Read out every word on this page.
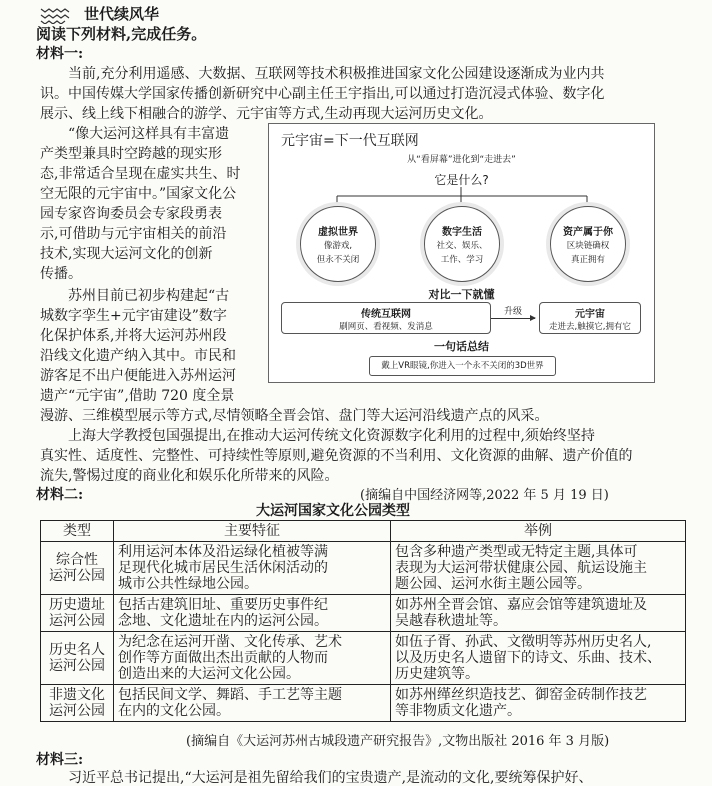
世代续风华
阅读下列材料,完成任务。
材料一:
当前,充分利用遥感、大数据、互联网等技术积极推进国家文化公园建设逐渐成为业内共
识。中国传媒大学国家传播创新研究中心副主任王宇指出,可以通过打造沉浸式体验、数字化
展示、线上线下相融合的游学、元宇宙等方式,生动再现大运河历史文化。
“像大运河这样具有丰富遗
产类型兼具时空跨越的现实形
态,非常适合呈现在虚实共生、时
空无限的元宇宙中。”国家文化公
园专家咨询委员会专家段勇表
示,可借助与元宇宙相关的前沿
技术,实现大运河文化的创新
传播。
苏州目前已初步构建起“古
城数字孪生+元宇宙建设”数字
化保护体系,并将大运河苏州段
沿线文化遗产纳入其中。市民和
游客足不出户便能进入苏州运河
遗产“元宇宙”,借助 720 度全景
漫游、三维模型展示等方式,尽情领略全晋会馆、盘门等大运河沿线遗产点的风采。
上海大学教授包国强提出,在推动大运河传统文化资源数字化利用的过程中,须始终坚持
真实性、适度性、完整性、可持续性等原则,避免资源的不当利用、文化资源的曲解、遗产价值的
流失,警惕过度的商业化和娱乐化所带来的风险。
(摘编自中国经济网等,2022 年 5 月 19 日)
元宇宙=下一代互联网
从“看屏幕”进化到“走进去”
它是什么?
虚拟世界
像游戏,
但永不关闭
数字生活
社交、娱乐、
工作、学习
资产属于你
区块链确权
真正拥有
对比一下就懂
传统互联网
刷网页、看视频、发消息
升级	元宇宙
走进去,触摸它,拥有它
一句话总结
戴上VR眼镜,你进入一个永不关闭的3D世界
材料二:
大运河国家文化公园类型
类型	主要特征	举例

综合性
运河公园	利用运河本体及沿运绿化植被等满
足现代化城市居民生活休闲活动的
城市公共性绿地公园。	包含多种遗产类型或无特定主题,具体可
表现为大运河带状健康公园、航运设施主
题公园、运河水街主题公园等。

历史遗址
运河公园	包括古建筑旧址、重要历史事件纪
念地、文化遗址在内的运河公园。	如苏州全晋会馆、嘉应会馆等建筑遗址及
吴越春秋遗址等。

历史名人
运河公园	为纪念在运河开凿、文化传承、艺术
创作等方面做出杰出贡献的人物而
创造出来的大运河文化公园。	如伍子胥、孙武、文徵明等苏州历史名人,
以及历史名人遗留下的诗文、乐曲、技术、
历史建筑等。

非遗文化
运河公园	包括民间文学、舞蹈、手工艺等主题
在内的文化公园。	如苏州缂丝织造技艺、御窑金砖制作技艺
等非物质文化遗产。
(摘编自《大运河苏州古城段遗产研究报告》,文物出版社 2016 年 3 月版)
材料三:
习近平总书记提出,“大运河是祖先留给我们的宝贵遗产,是流动的文化,要统筹保护好、
